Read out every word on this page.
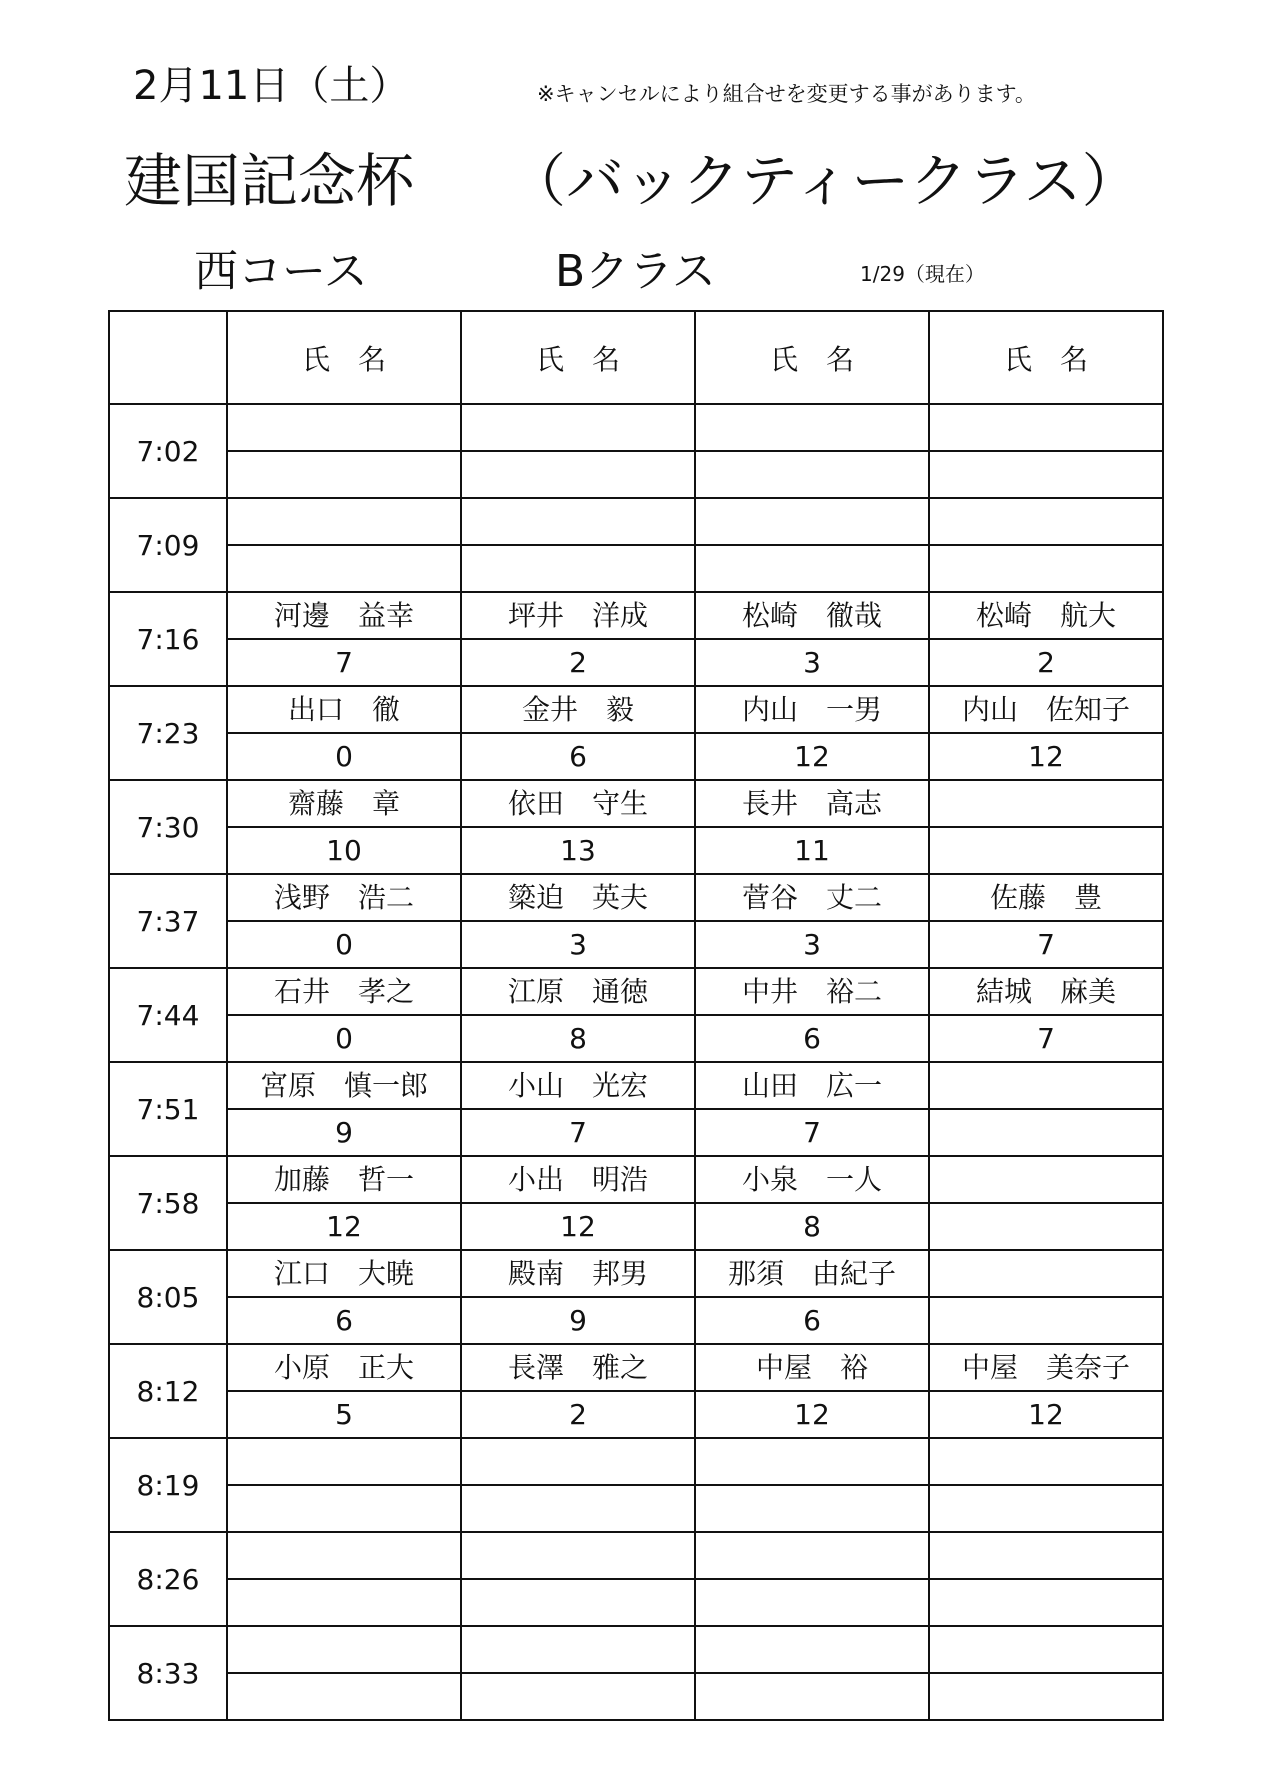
2月11日（土）	※キャンセルにより組合せを変更する事があります。
建国記念杯 （バックティークラス）
西コース	Bクラス	1/29（現在）
	氏　名	氏　名	氏　名	氏　名
7:02				

7:09				

7:16	河邊　益幸	坪井　洋成	松崎　徹哉	松崎　航大
	7	2	3	2
7:23	出口　徹	金井　毅	内山　一男	内山　佐知子
	0	6	12	12
7:30	齋藤　章	依田　守生	長井　高志	
	10	13	11	
7:37	浅野　浩二	簗迫　英夫	菅谷　丈二	佐藤　豊
	0	3	3	7
7:44	石井　孝之	江原　通徳	中井　裕二	結城　麻美
	0	8	6	7
7:51	宮原　慎一郎	小山　光宏	山田　広一	
	9	7	7	
7:58	加藤　哲一	小出　明浩	小泉　一人	
	12	12	8	
8:05	江口　大暁	殿南　邦男	那須　由紀子	
	6	9	6	
8:12	小原　正大	長澤　雅之	中屋　裕	中屋　美奈子
	5	2	12	12
8:19				

8:26				

8:33				
